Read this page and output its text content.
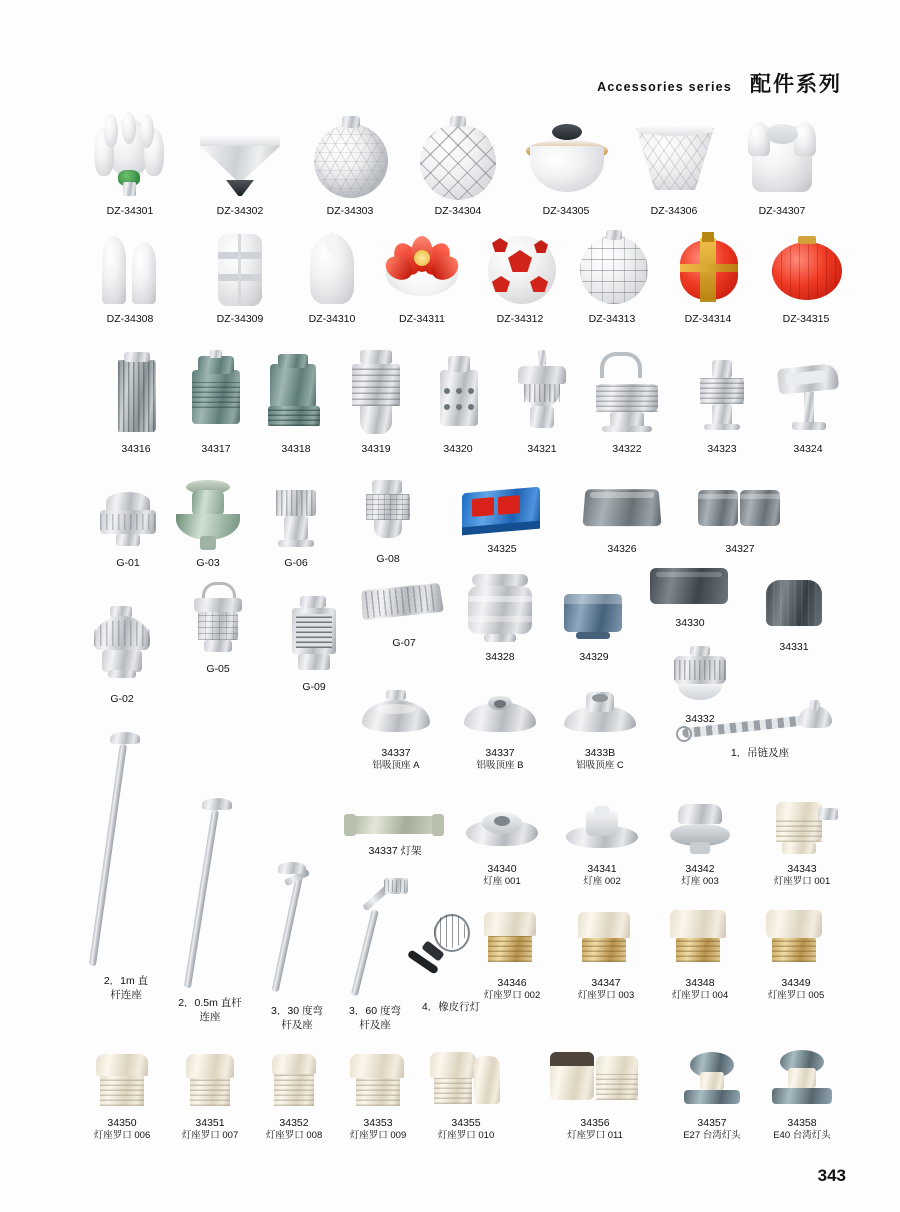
Accessories series 配件系列
DZ-34301	DZ-34302	DZ-34303	DZ-34304	DZ-34305	DZ-34306	DZ-34307
DZ-34308	DZ-34309	DZ-34310	DZ-34311	DZ-34312	DZ-34313	DZ-34314	DZ-34315
34316	34317	34318	34319	34320	34321	34322	34323	34324
G-01	G-03	G-06	G-08
34325	34326	34327
G-02
G-05
G-09
G-07
34328	34329
34330
34331
34332
34337
铝吸顶座 A
34337
铝吸顶座 B
3433B
铝吸顶座 C
1．吊链及座
34337 灯架
34340
灯座 001
34341
灯座 002
34342
灯座 003
34343
灯座罗口 001
2．1m 直
杆连座
2．0.5m 直杆
连座
3．30 度弯
杆及座
3．60 度弯
杆及座
4．橡皮行灯
34346
灯座罗口 002
34347
灯座罗口 003
34348
灯座罗口 004
34349
灯座罗口 005
34350
灯座罗口 006
34351
灯座罗口 007
34352
灯座罗口 008
34353
灯座罗口 009
34355
灯座罗口 010
34356
灯座罗口 011
34357
E27 台湾灯头
34358
E40 台湾灯头
343
